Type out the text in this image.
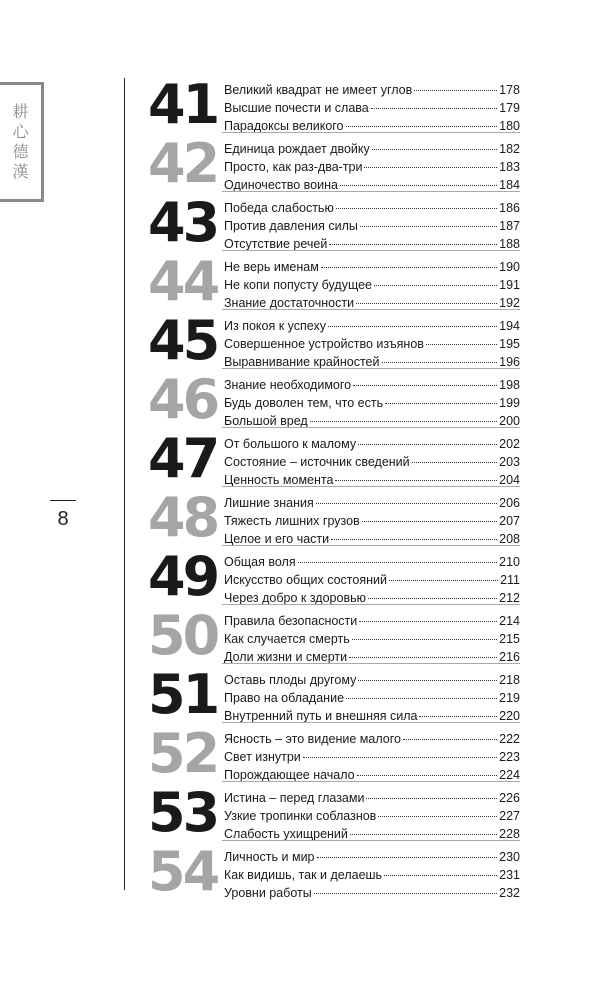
耕
心
德
漢
8
41 Великий квадрат не имеет углов	178
Высшие почести и слава	179
Парадоксы великого	180
42 Единица рождает двойку	182
Просто, как раз-два-три	183
Одиночество воина	184
43 Победа слабостью	186
Против давления силы	187
Отсутствие речей	188
44 Не верь именам	190
Не копи попусту будущее	191
Знание достаточности	192
45 Из покоя к успеху	194
Совершенное устройство изъянов	195
Выравнивание крайностей	196
46 Знание необходимого	198
Будь доволен тем, что есть	199
Большой вред	200
47 От большого к малому	202
Состояние – источник сведений	203
Ценность момента	204
48 Лишние знания	206
Тяжесть лишних грузов	207
Целое и его части	208
49 Общая воля	210
Искусство общих состояний	211
Через добро к здоровью	212
50 Правила безопасности	214
Как случается смерть	215
Доли жизни и смерти	216
51 Оставь плоды другому	218
Право на обладание	219
Внутренний путь и внешняя сила	220
52 Ясность – это видение малого	222
Свет изнутри	223
Порождающее начало	224
53 Истина – перед глазами	226
Узкие тропинки соблазнов	227
Слабость ухищрений	228
54 Личность и мир	230
Как видишь, так и делаешь	231
Уровни работы	232
